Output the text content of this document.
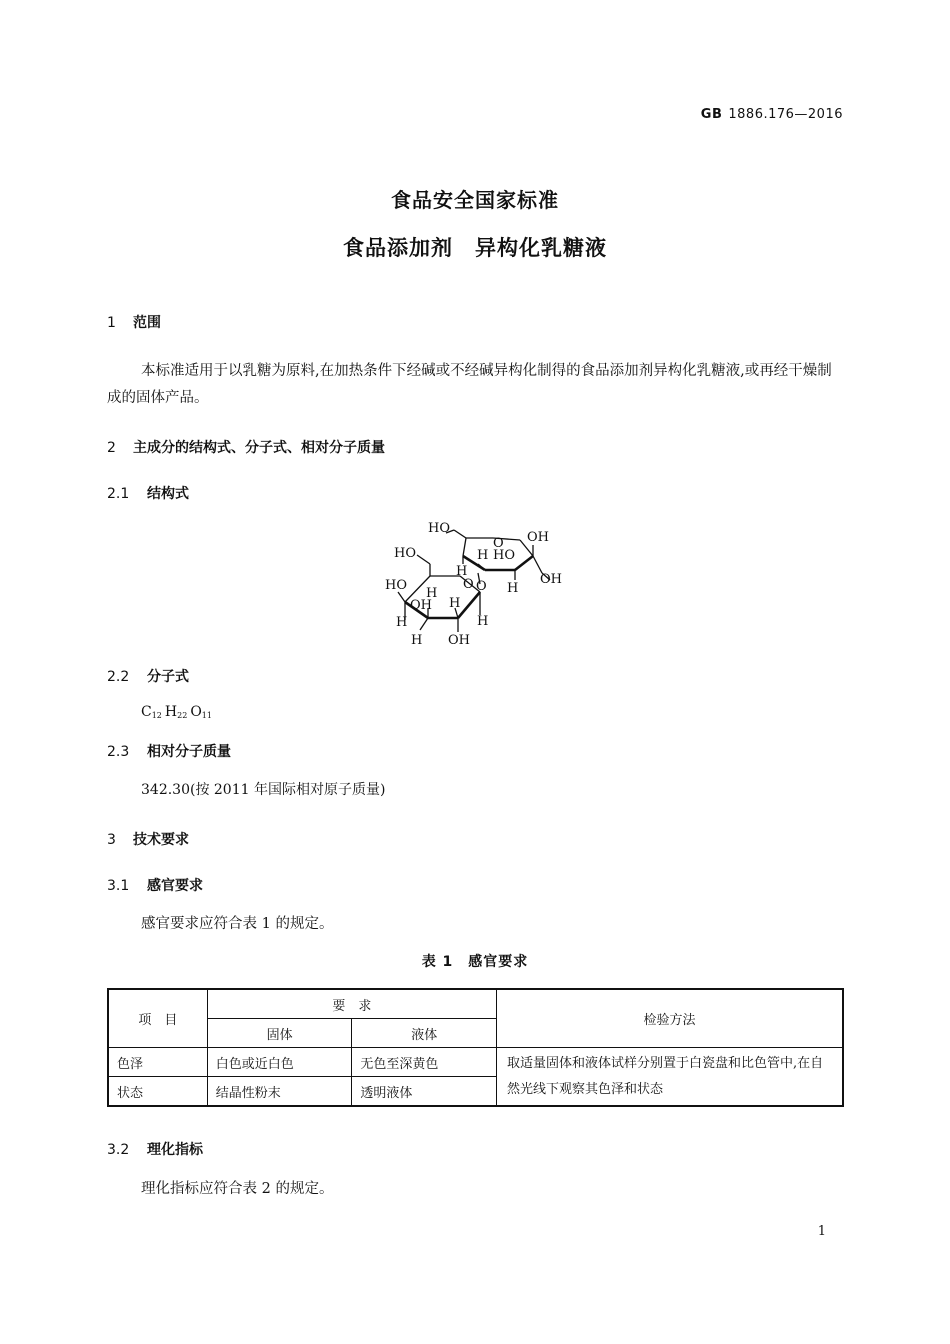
GB 1886.176—2016
食品安全国家标准
食品添加剂　异构化乳糖液
1 范围
本标准适用于以乳糖为原料,在加热条件下经碱或不经碱异构化制得的食品添加剂异构化乳糖液,或再经干燥制成的固体产品。
2 主成分的结构式、分子式、相对分子质量
2.1 结构式
HO
O OH
HO	H HO
H
OH
H
O O
HO
H
OH H
H	H
H OH
2.2 分子式
$C_{12}$ $H_{22}$ $O_{11}$
2.3 相对分子质量
342.30(按 2011 年国际相对原子质量)
3 技术要求
3.1 感官要求
感官要求应符合表 1 的规定。
表 1　感官要求
项　目	要　求		检验方法
	固体	液体	
色泽	白色或近白色	无色至深黄色	取适量固体和液体试样分别置于白瓷盘和比色管中,在自然光线下观察其色泽和状态
状态	结晶性粉末	透明液体	
3.2 理化指标
理化指标应符合表 2 的规定。
1
